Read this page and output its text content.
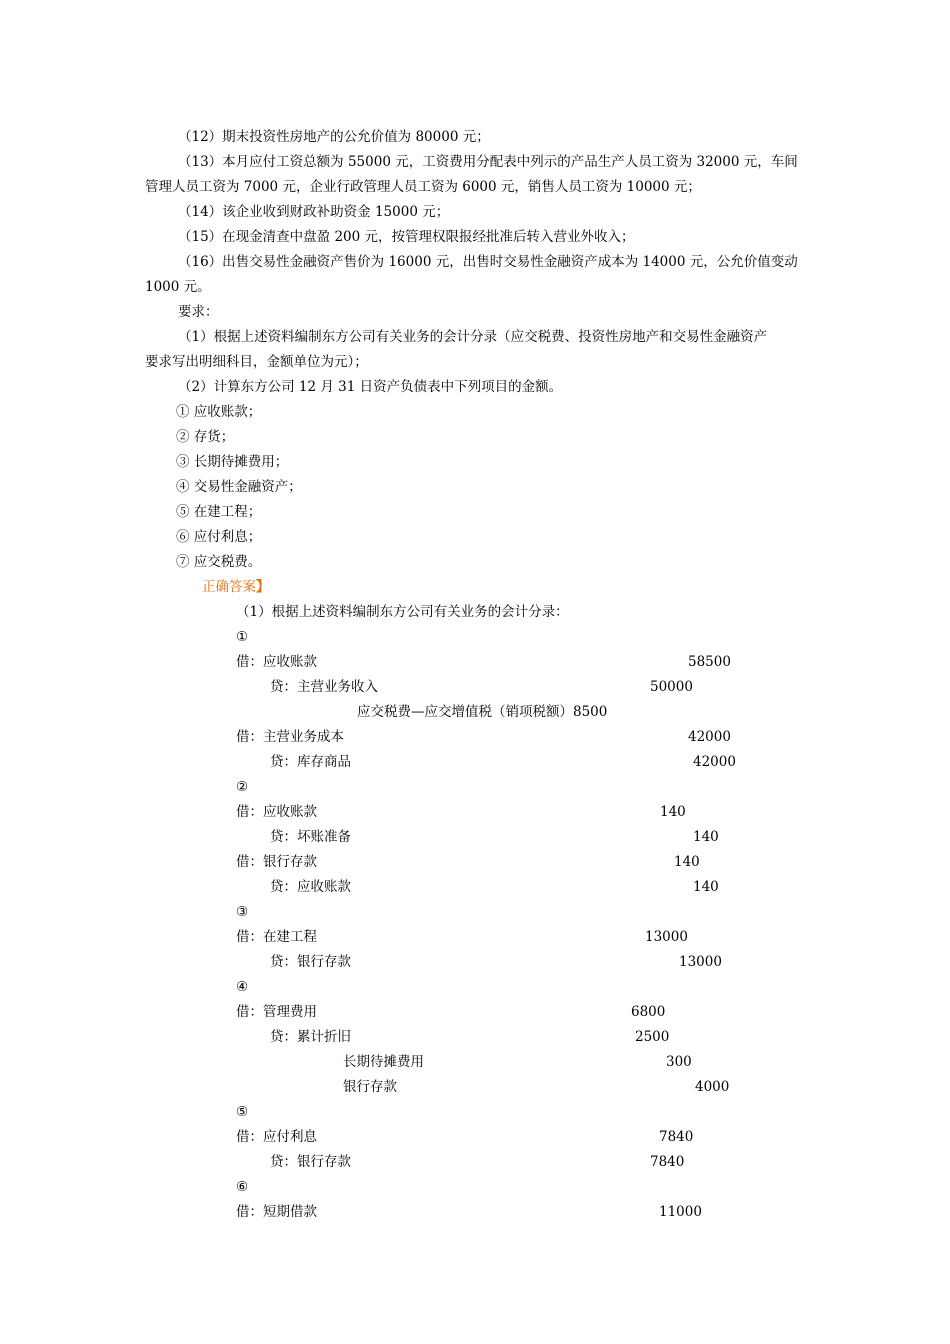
（12）期末投资性房地产的公允价值为 80000 元；
（13）本月应付工资总额为 55000 元，工资费用分配表中列示的产品生产人员工资为 32000 元，车间
管理人员工资为 7000 元，企业行政管理人员工资为 6000 元，销售人员工资为 10000 元；
（14）该企业收到财政补助资金 15000 元；
（15）在现金清查中盘盈 200 元，按管理权限报经批准后转入营业外收入；
（16）出售交易性金融资产售价为 16000 元，出售时交易性金融资产成本为 14000 元，公允价值变动
1000 元。
要求：
（1）根据上述资料编制东方公司有关业务的会计分录（应交税费、投资性房地产和交易性金融资产
要求写出明细科目，金额单位为元）；
（2）计算东方公司 12 月 31 日资产负债表中下列项目的金额。
① 应收账款；
② 存货；
③ 长期待摊费用；
④ 交易性金融资产；
⑤ 在建工程；
⑥ 应付利息；
⑦ 应交税费。
正确答案】
（1）根据上述资料编制东方公司有关业务的会计分录：
①
借：应收账款	58500
贷：主营业务收入	50000
应交税费—应交增值税（销项税额）8500
借：主营业务成本	42000
贷：库存商品	42000
②
借：应收账款	140
贷：坏账准备	140
借：银行存款	140
贷：应收账款	140
③
借：在建工程	13000
贷：银行存款	13000
④
借：管理费用	6800
贷：累计折旧	2500
长期待摊费用	300
银行存款	4000
⑤
借：应付利息	7840
贷：银行存款	7840
⑥
借：短期借款	11000
